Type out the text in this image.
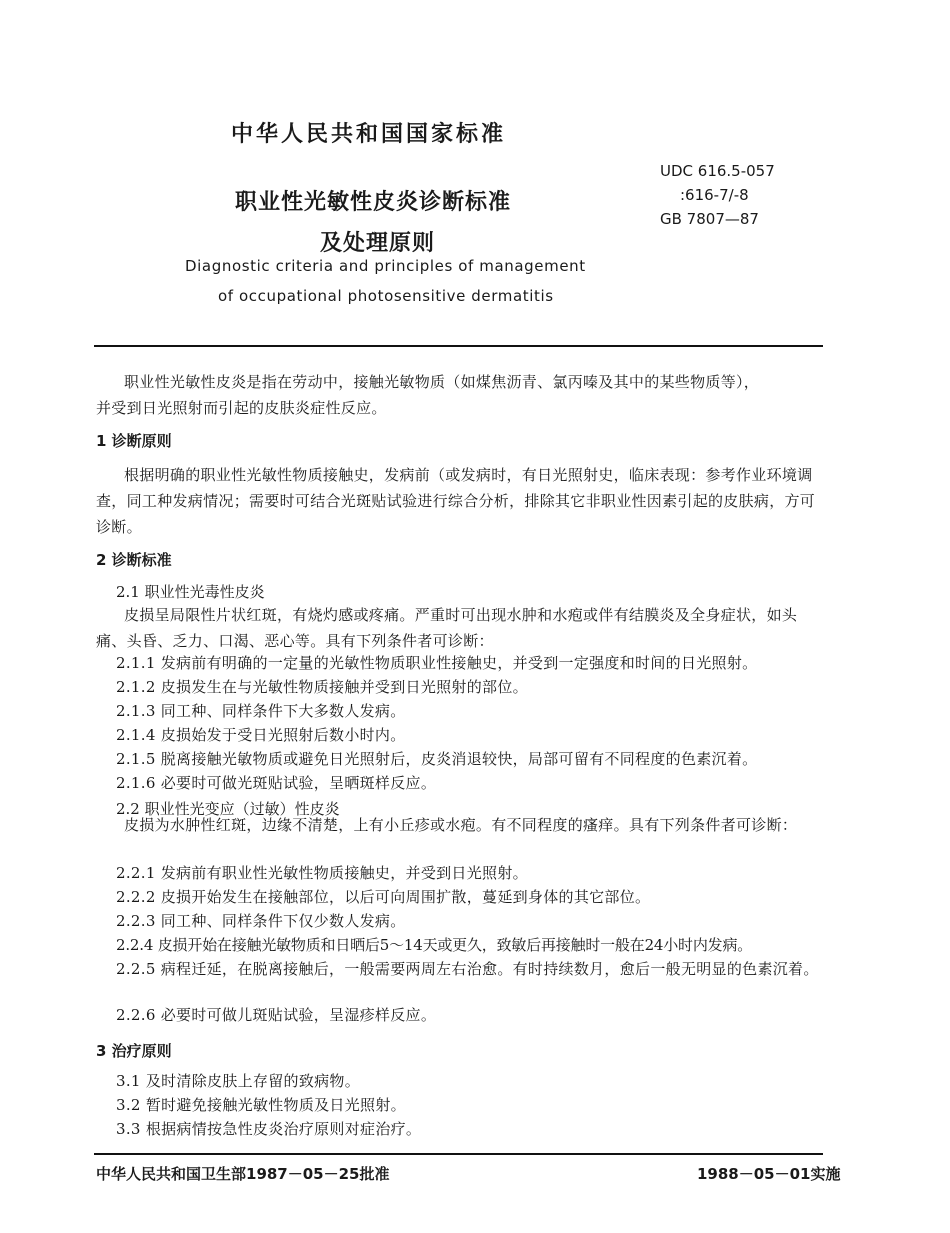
中华人民共和国国家标准
职业性光敏性皮炎诊断标准
及处理原则
Diagnostic criteria and principles of management
of occupational photosensitive dermatitis
UDC 616.5-057
:616-7/-8
GB 7807—87
职业性光敏性皮炎是指在劳动中，接触光敏物质（如煤焦沥青、氯丙嗪及其中的某些物质等），
并受到日光照射而引起的皮肤炎症性反应。
1 诊断原则
根据明确的职业性光敏性物质接触史，发病前（或发病时，有日光照射史，临床表现：参考作业环境调查，同工种发病情况；需要时可结合光斑贴试验进行综合分析，排除其它非职业性因素引起的皮肤病，方可诊断。
2 诊断标准
2.1 职业性光毒性皮炎
皮损呈局限性片状红斑，有烧灼感或疼痛。严重时可出现水肿和水疱或伴有结膜炎及全身症状，如头痛、头昏、乏力、口渴、恶心等。具有下列条件者可诊断：
2.1.1 发病前有明确的一定量的光敏性物质职业性接触史，并受到一定强度和时间的日光照射。
2.1.2 皮损发生在与光敏性物质接触并受到日光照射的部位。
2.1.3 同工种、同样条件下大多数人发病。
2.1.4 皮损始发于受日光照射后数小时内。
2.1.5 脱离接触光敏物质或避免日光照射后，皮炎消退较快，局部可留有不同程度的色素沉着。
2.1.6 必要时可做光斑贴试验，呈晒斑样反应。
2.2 职业性光变应（过敏）性皮炎
皮损为水肿性红斑，边缘不清楚，上有小丘疹或水疱。有不同程度的瘙痒。具有下列条件者可诊断：
2.2.1 发病前有职业性光敏性物质接触史，并受到日光照射。
2.2.2 皮损开始发生在接触部位，以后可向周围扩散，蔓延到身体的其它部位。
2.2.3 同工种、同样条件下仅少数人发病。
2.2.4 皮损开始在接触光敏物质和日晒后5～14天或更久，致敏后再接触时一般在24小时内发病。
2.2.5 病程迁延，在脱离接触后，一般需要两周左右治愈。有时持续数月，愈后一般无明显的色素沉着。
2.2.6 必要时可做儿斑贴试验，呈湿疹样反应。
3 治疗原则
3.1 及时清除皮肤上存留的致病物。
3.2 暂时避免接触光敏性物质及日光照射。
3.3 根据病情按急性皮炎治疗原则对症治疗。
中华人民共和国卫生部1987－05－25批准	1988－05－01实施
